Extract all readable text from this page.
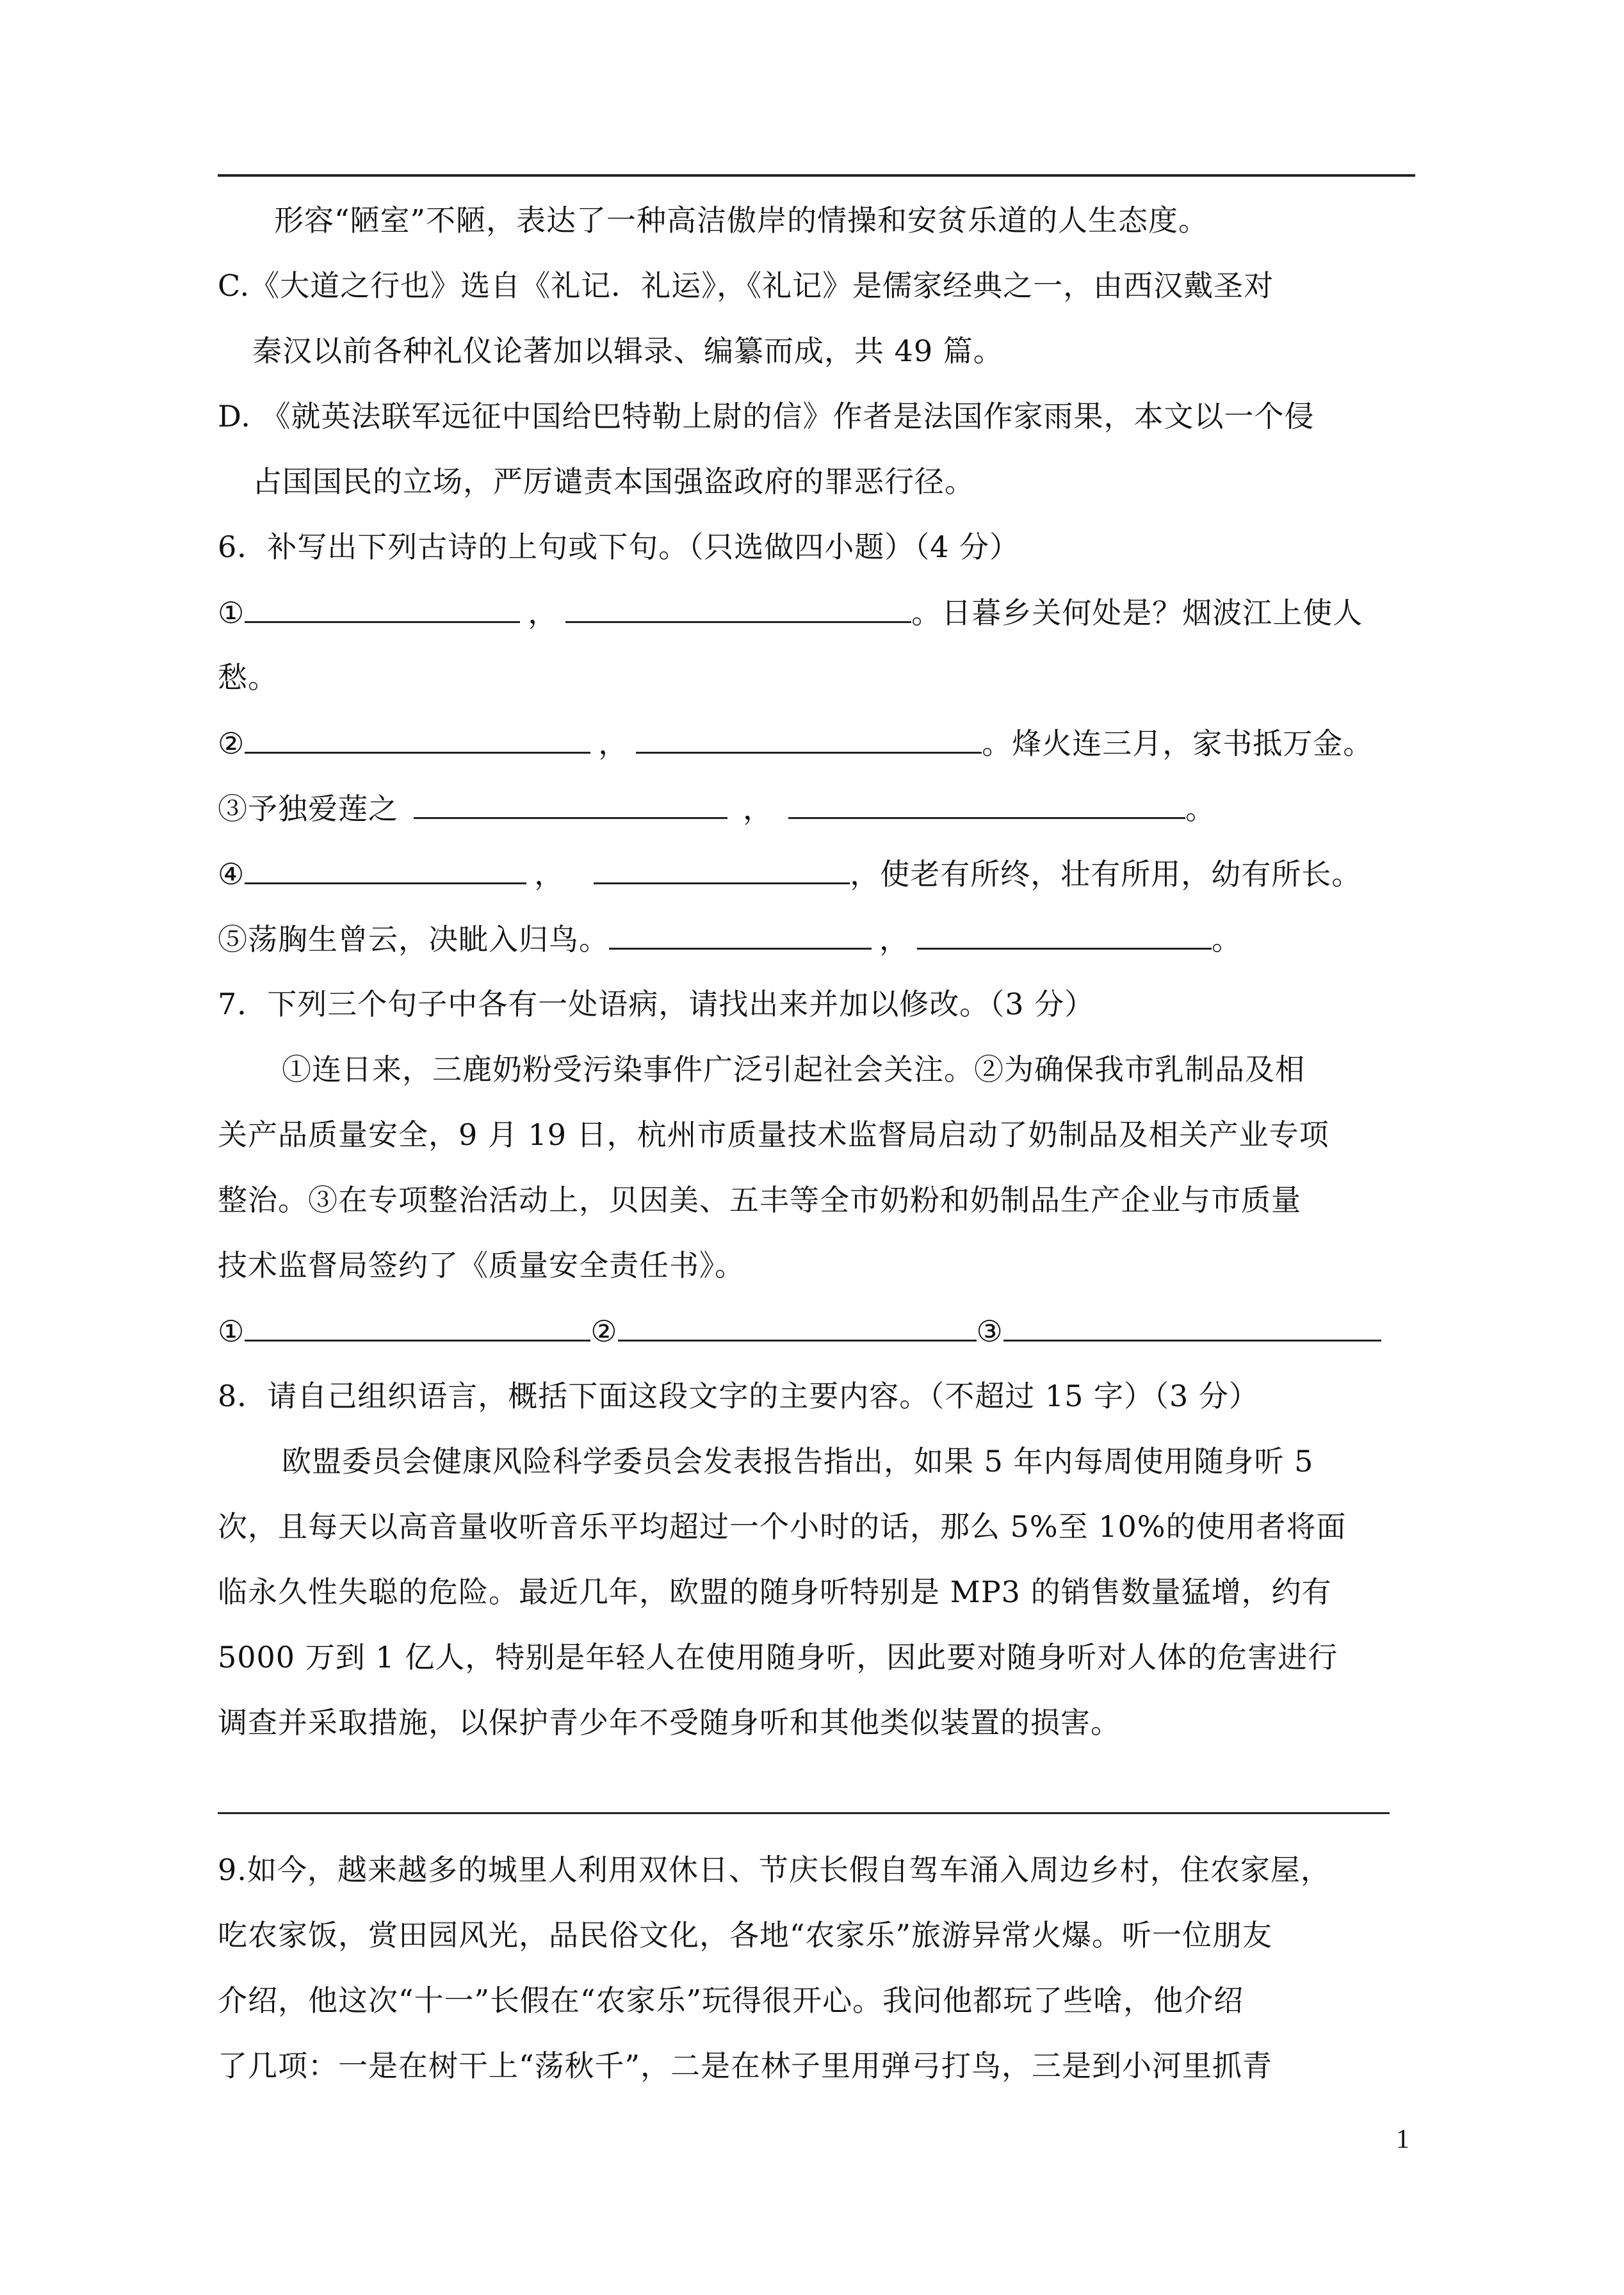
形容“陋室”不陋，表达了一种高洁傲岸的情操和安贫乐道的人生态度。
C.《大道之行也》选自《礼记．礼运》，《礼记》是儒家经典之一，由西汉戴圣对
秦汉以前各种礼仪论著加以辑录、编纂而成，共 49 篇。
D. 《就英法联军远征中国给巴特勒上尉的信》作者是法国作家雨果，本文以一个侵
占国国民的立场，严厉谴责本国强盗政府的罪恶行径。
6．补写出下列古诗的上句或下句。（只选做四小题）（4 分）
①	，	。日暮乡关何处是？烟波江上使人
愁。
②	，	。烽火连三月，家书抵万金。
③予独爱莲之	，	。
④	，	，使老有所终，壮有所用，幼有所长。
⑤荡胸生曾云，决眦入归鸟。	，	。
7．下列三个句子中各有一处语病，请找出来并加以修改。（3 分）
①连日来，三鹿奶粉受污染事件广泛引起社会关注。②为确保我市乳制品及相
关产品质量安全，9 月 19 日，杭州市质量技术监督局启动了奶制品及相关产业专项
整治。③在专项整治活动上，贝因美、五丰等全市奶粉和奶制品生产企业与市质量
技术监督局签约了《质量安全责任书》。
①	②	③
8．请自己组织语言，概括下面这段文字的主要内容。（不超过 15 字）（3 分）
欧盟委员会健康风险科学委员会发表报告指出，如果 5 年内每周使用随身听 5
次，且每天以高音量收听音乐平均超过一个小时的话，那么 5%至 10%的使用者将面
临永久性失聪的危险。最近几年，欧盟的随身听特别是 MP3 的销售数量猛增，约有
5000 万到 1 亿人，特别是年轻人在使用随身听，因此要对随身听对人体的危害进行
调查并采取措施，以保护青少年不受随身听和其他类似装置的损害。
9.如今，越来越多的城里人利用双休日、节庆长假自驾车涌入周边乡村，住农家屋，
吃农家饭，赏田园风光，品民俗文化，各地“农家乐”旅游异常火爆。听一位朋友
介绍，他这次“十一”长假在“农家乐”玩得很开心。我问他都玩了些啥，他介绍
了几项：一是在树干上“荡秋千”，二是在林子里用弹弓打鸟，三是到小河里抓青
1
